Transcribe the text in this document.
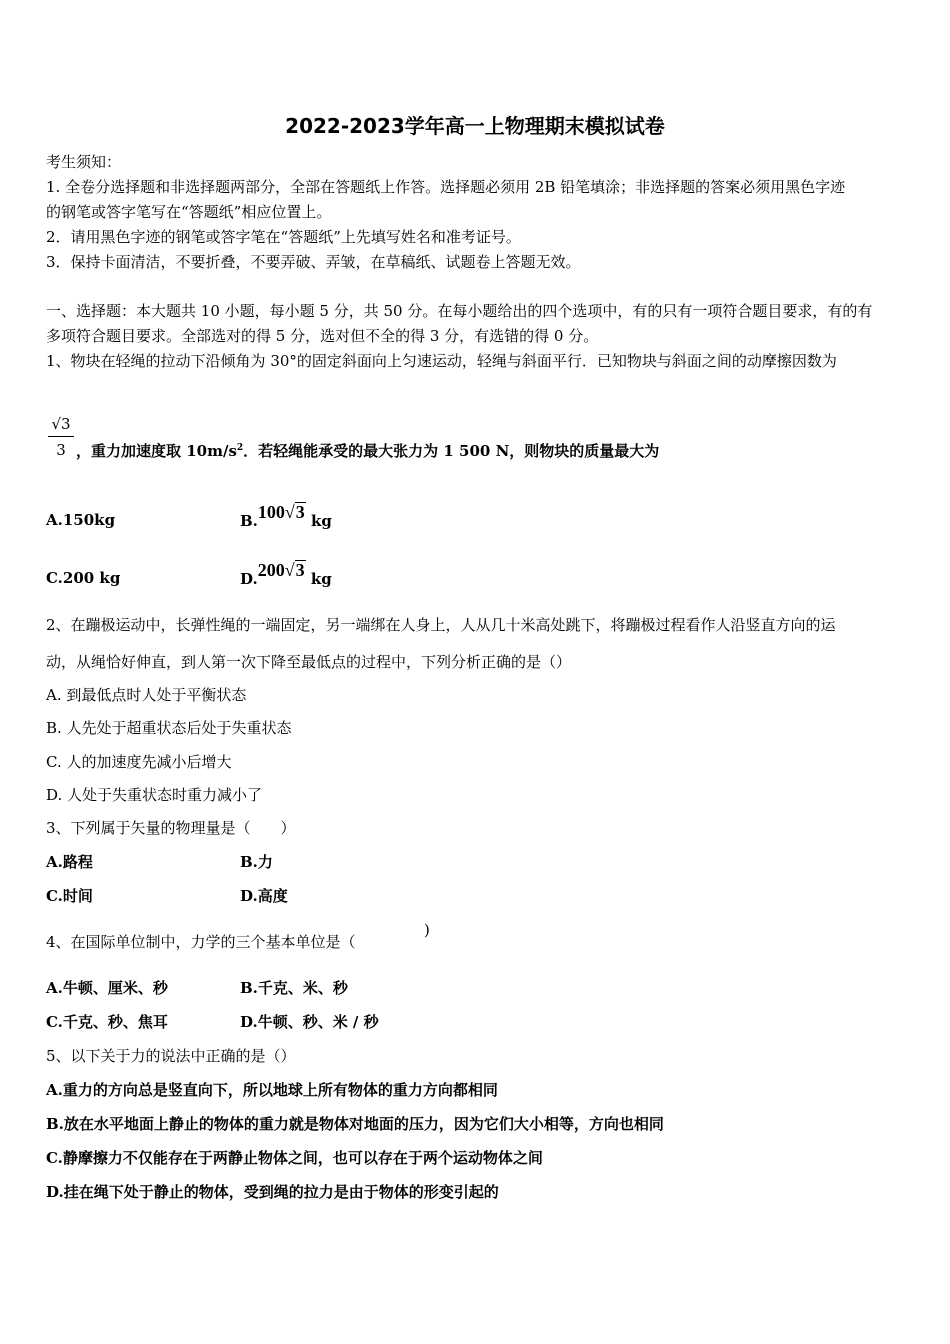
2022-2023学年高一上物理期末模拟试卷
考生须知：
1. 全卷分选择题和非选择题两部分，全部在答题纸上作答。选择题必须用 2B 铅笔填涂；非选择题的答案必须用黑色字迹
的钢笔或答字笔写在“答题纸”相应位置上。
2．请用黑色字迹的钢笔或答字笔在“答题纸”上先填写姓名和准考证号。
3．保持卡面清洁，不要折叠，不要弄破、弄皱，在草稿纸、试题卷上答题无效。
一、选择题：本大题共 10 小题，每小题 5 分，共 50 分。在每小题给出的四个选项中，有的只有一项符合题目要求，有的有
多项符合题目要求。全部选对的得 5 分，选对但不全的得 3 分，有选错的得 0 分。
1、物块在轻绳的拉动下沿倾角为 30°的固定斜面向上匀速运动，轻绳与斜面平行．已知物块与斜面之间的动摩擦因数为
√3
3 ，重力加速度取 $10m/s^2$．若轻绳能承受的最大张力为 1 500 N，则物块的质量最大为
A.150kg	B.100√3 kg
C.200 kg	D.200√3 kg
2、在蹦极运动中，长弹性绳的一端固定，另一端绑在人身上，人从几十米高处跳下，将蹦极过程看作人沿竖直方向的运
动，从绳恰好伸直，到人第一次下降至最低点的过程中，下列分析正确的是（）
A. 到最低点时人处于平衡状态
B. 人先处于超重状态后处于失重状态
C. 人的加速度先减小后增大
D. 人处于失重状态时重力减小了
3、下列属于矢量的物理量是（　　）
A.路程	B.力
C.时间	D.高度
4、在国际单位制中，力学的三个基本单位是（
)
A.牛顿、厘米、秒	B.千克、米、秒
C.千克、秒、焦耳	D.牛顿、秒、米 / 秒
5、以下关于力的说法中正确的是（）
A.重力的方向总是竖直向下，所以地球上所有物体的重力方向都相同
B.放在水平地面上静止的物体的重力就是物体对地面的压力，因为它们大小相等，方向也相同
C.静摩擦力不仅能存在于两静止物体之间，也可以存在于两个运动物体之间
D.挂在绳下处于静止的物体，受到绳的拉力是由于物体的形变引起的
